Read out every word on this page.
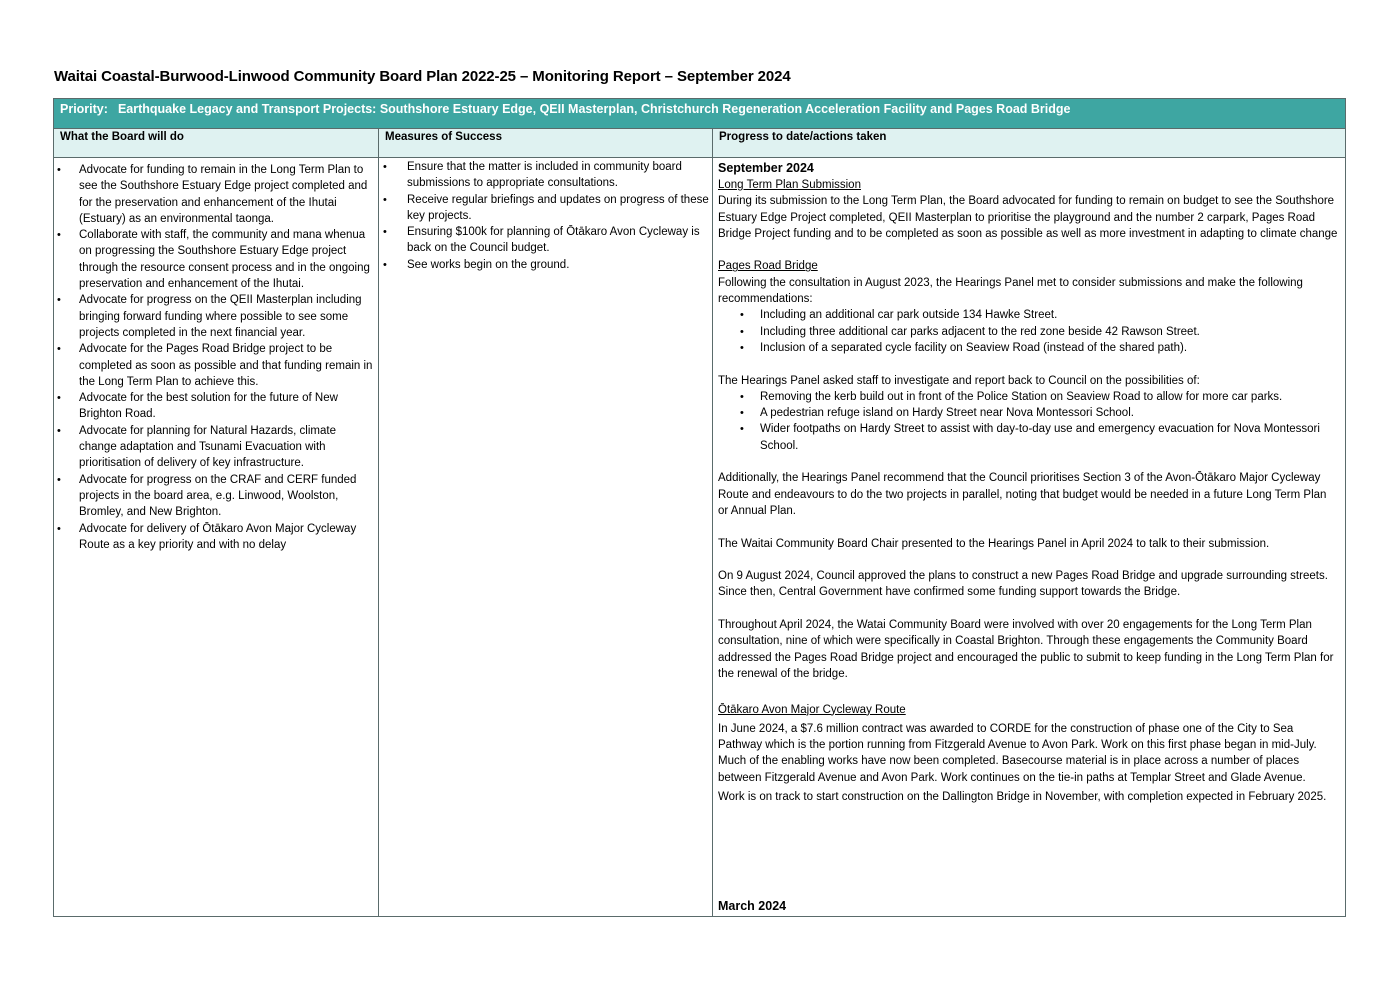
Waitai Coastal-Burwood-Linwood Community Board Plan 2022-25 – Monitoring Report – September 2024
Priority: Earthquake Legacy and Transport Projects: Southshore Estuary Edge, QEII Masterplan, Christchurch Regeneration Acceleration Facility and Pages Road Bridge
What the Board will do	Measures of Success	Progress to date/actions taken
• Advocate for funding to remain in the Long Term Plan to see the Southshore Estuary Edge project completed and for the preservation and enhancement of the Ihutai (Estuary) as an environmental taonga.
• Collaborate with staff, the community and mana whenua on progressing the Southshore Estuary Edge project through the resource consent process and in the ongoing preservation and enhancement of the Ihutai.
• Advocate for progress on the QEII Masterplan including bringing forward funding where possible to see some projects completed in the next financial year.
• Advocate for the Pages Road Bridge project to be completed as soon as possible and that funding remain in the Long Term Plan to achieve this.
• Advocate for the best solution for the future of New Brighton Road.
• Advocate for planning for Natural Hazards, climate change adaptation and Tsunami Evacuation with prioritisation of delivery of key infrastructure.
• Advocate for progress on the CRAF and CERF funded projects in the board area, e.g. Linwood, Woolston, Bromley, and New Brighton.
• Advocate for delivery of Ōtākaro Avon Major Cycleway Route as a key priority and with no delay
• Ensure that the matter is included in community board submissions to appropriate consultations.
• Receive regular briefings and updates on progress of these key projects.
• Ensuring $100k for planning of Ōtākaro Avon Cycleway is back on the Council budget.
• See works begin on the ground.

September 2024

Long Term Plan Submission

During its submission to the Long Term Plan, the Board advocated for funding to remain on budget to see the Southshore Estuary Edge Project completed, QEII Masterplan to prioritise the playground and the number 2 carpark, Pages Road Bridge Project funding and to be completed as soon as possible as well as more investment in adapting to climate change

Pages Road Bridge

Following the consultation in August 2023, the Hearings Panel met to consider submissions and make the following recommendations:

• Including an additional car park outside 134 Hawke Street.
• Including three additional car parks adjacent to the red zone beside 42 Rawson Street.
• Inclusion of a separated cycle facility on Seaview Road (instead of the shared path).

The Hearings Panel asked staff to investigate and report back to Council on the possibilities of:

• Removing the kerb build out in front of the Police Station on Seaview Road to allow for more car parks.
• A pedestrian refuge island on Hardy Street near Nova Montessori School.
• Wider footpaths on Hardy Street to assist with day-to-day use and emergency evacuation for Nova Montessori School.

Additionally, the Hearings Panel recommend that the Council prioritises Section 3 of the Avon-Ōtākaro Major Cycleway Route and endeavours to do the two projects in parallel, noting that budget would be needed in a future Long Term Plan or Annual Plan.

The Waitai Community Board Chair presented to the Hearings Panel in April 2024 to talk to their submission.

On 9 August 2024, Council approved the plans to construct a new Pages Road Bridge and upgrade surrounding streets. Since then, Central Government have confirmed some funding support towards the Bridge.

Throughout April 2024, the Watai Community Board were involved with over 20 engagements for the Long Term Plan consultation, nine of which were specifically in Coastal Brighton. Through these engagements the Community Board addressed the Pages Road Bridge project and encouraged the public to submit to keep funding in the Long Term Plan for the renewal of the bridge.

Ōtākaro Avon Major Cycleway Route

In June 2024, a $7.6 million contract was awarded to CORDE for the construction of phase one of the City to Sea Pathway which is the portion running from Fitzgerald Avenue to Avon Park. Work on this first phase began in mid-July. Much of the enabling works have now been completed. Basecourse material is in place across a number of places between Fitzgerald Avenue and Avon Park. Work continues on the tie-in paths at Templar Street and Glade Avenue.

Work is on track to start construction on the Dallington Bridge in November, with completion expected in February 2025.

March 2024
